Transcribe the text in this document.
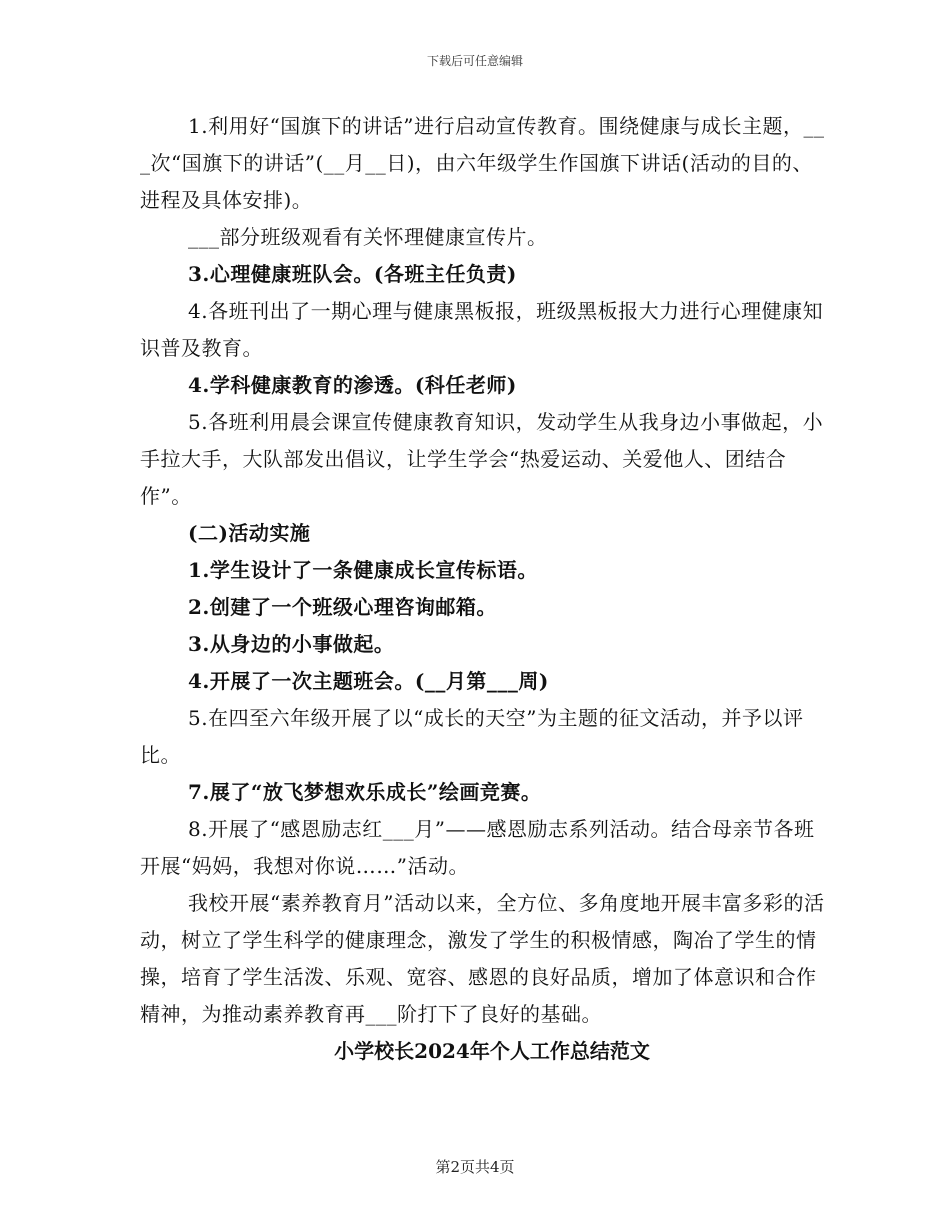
下载后可任意编辑

1.利用好“国旗下的讲话”进行启动宣传教育。围绕健康与成长主题，___次“国旗下的讲话”(__月__日)，由六年级学生作国旗下讲话(活动的目的、进程及具体安排)。

___部分班级观看有关怀理健康宣传片。

3.心理健康班队会。(各班主任负责)

4.各班刊出了一期心理与健康黑板报，班级黑板报大力进行心理健康知识普及教育。

4.学科健康教育的渗透。(科任老师)

5.各班利用晨会课宣传健康教育知识，发动学生从我身边小事做起，小手拉大手，大队部发出倡议，让学生学会“热爱运动、关爱他人、团结合作”。

(二)活动实施

1.学生设计了一条健康成长宣传标语。

2.创建了一个班级心理咨询邮箱。

3.从身边的小事做起。

4.开展了一次主题班会。(__月第___周)

5.在四至六年级开展了以“成长的天空”为主题的征文活动，并予以评比。

7.展了“放飞梦想欢乐成长”绘画竞赛。

8.开展了“感恩励志红___月”——感恩励志系列活动。结合母亲节各班开展“妈妈，我想对你说……”活动。

我校开展“素养教育月”活动以来，全方位、多角度地开展丰富多彩的活动，树立了学生科学的健康理念，激发了学生的积极情感，陶冶了学生的情操，培育了学生活泼、乐观、宽容、感恩的良好品质，增加了体意识和合作精神，为推动素养教育再___阶打下了良好的基础。

小学校长2024年个人工作总结范文

第2页共4页
